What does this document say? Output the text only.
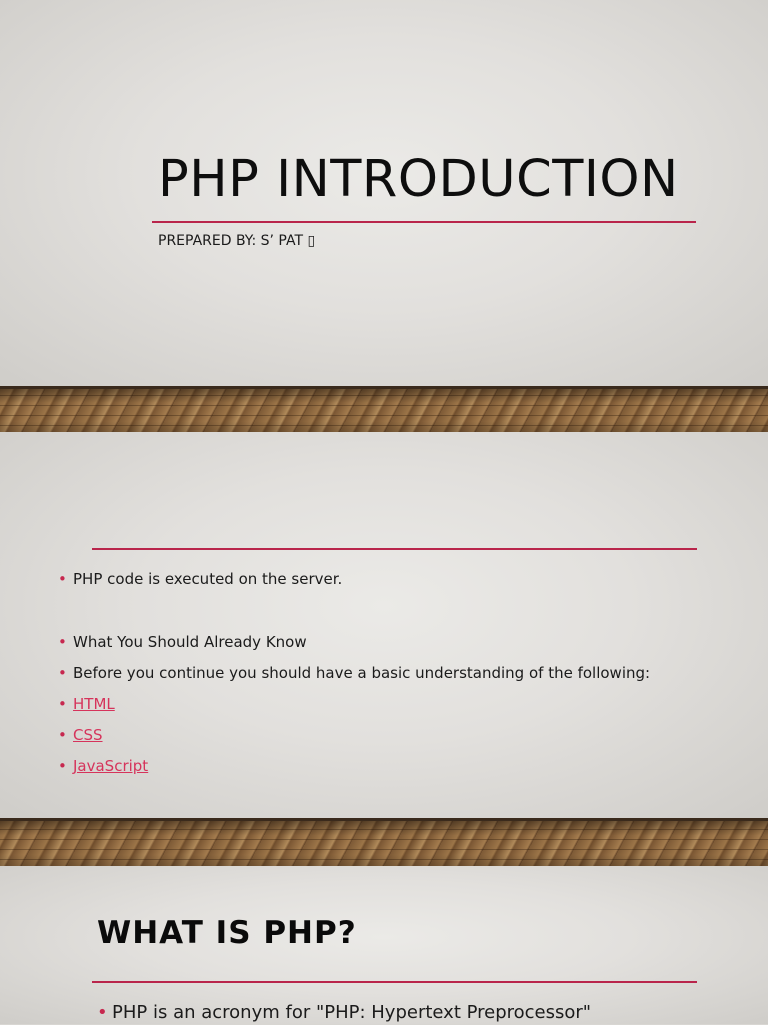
PHP INTRODUCTION

PREPARED BY: S’ PAT ▯

• PHP code is executed on the server.
• What You Should Already Know
• Before you continue you should have a basic understanding of the following:
• HTML
• CSS
• JavaScript
WHAT IS PHP?
• PHP is an acronym for "PHP: Hypertext Preprocessor"
